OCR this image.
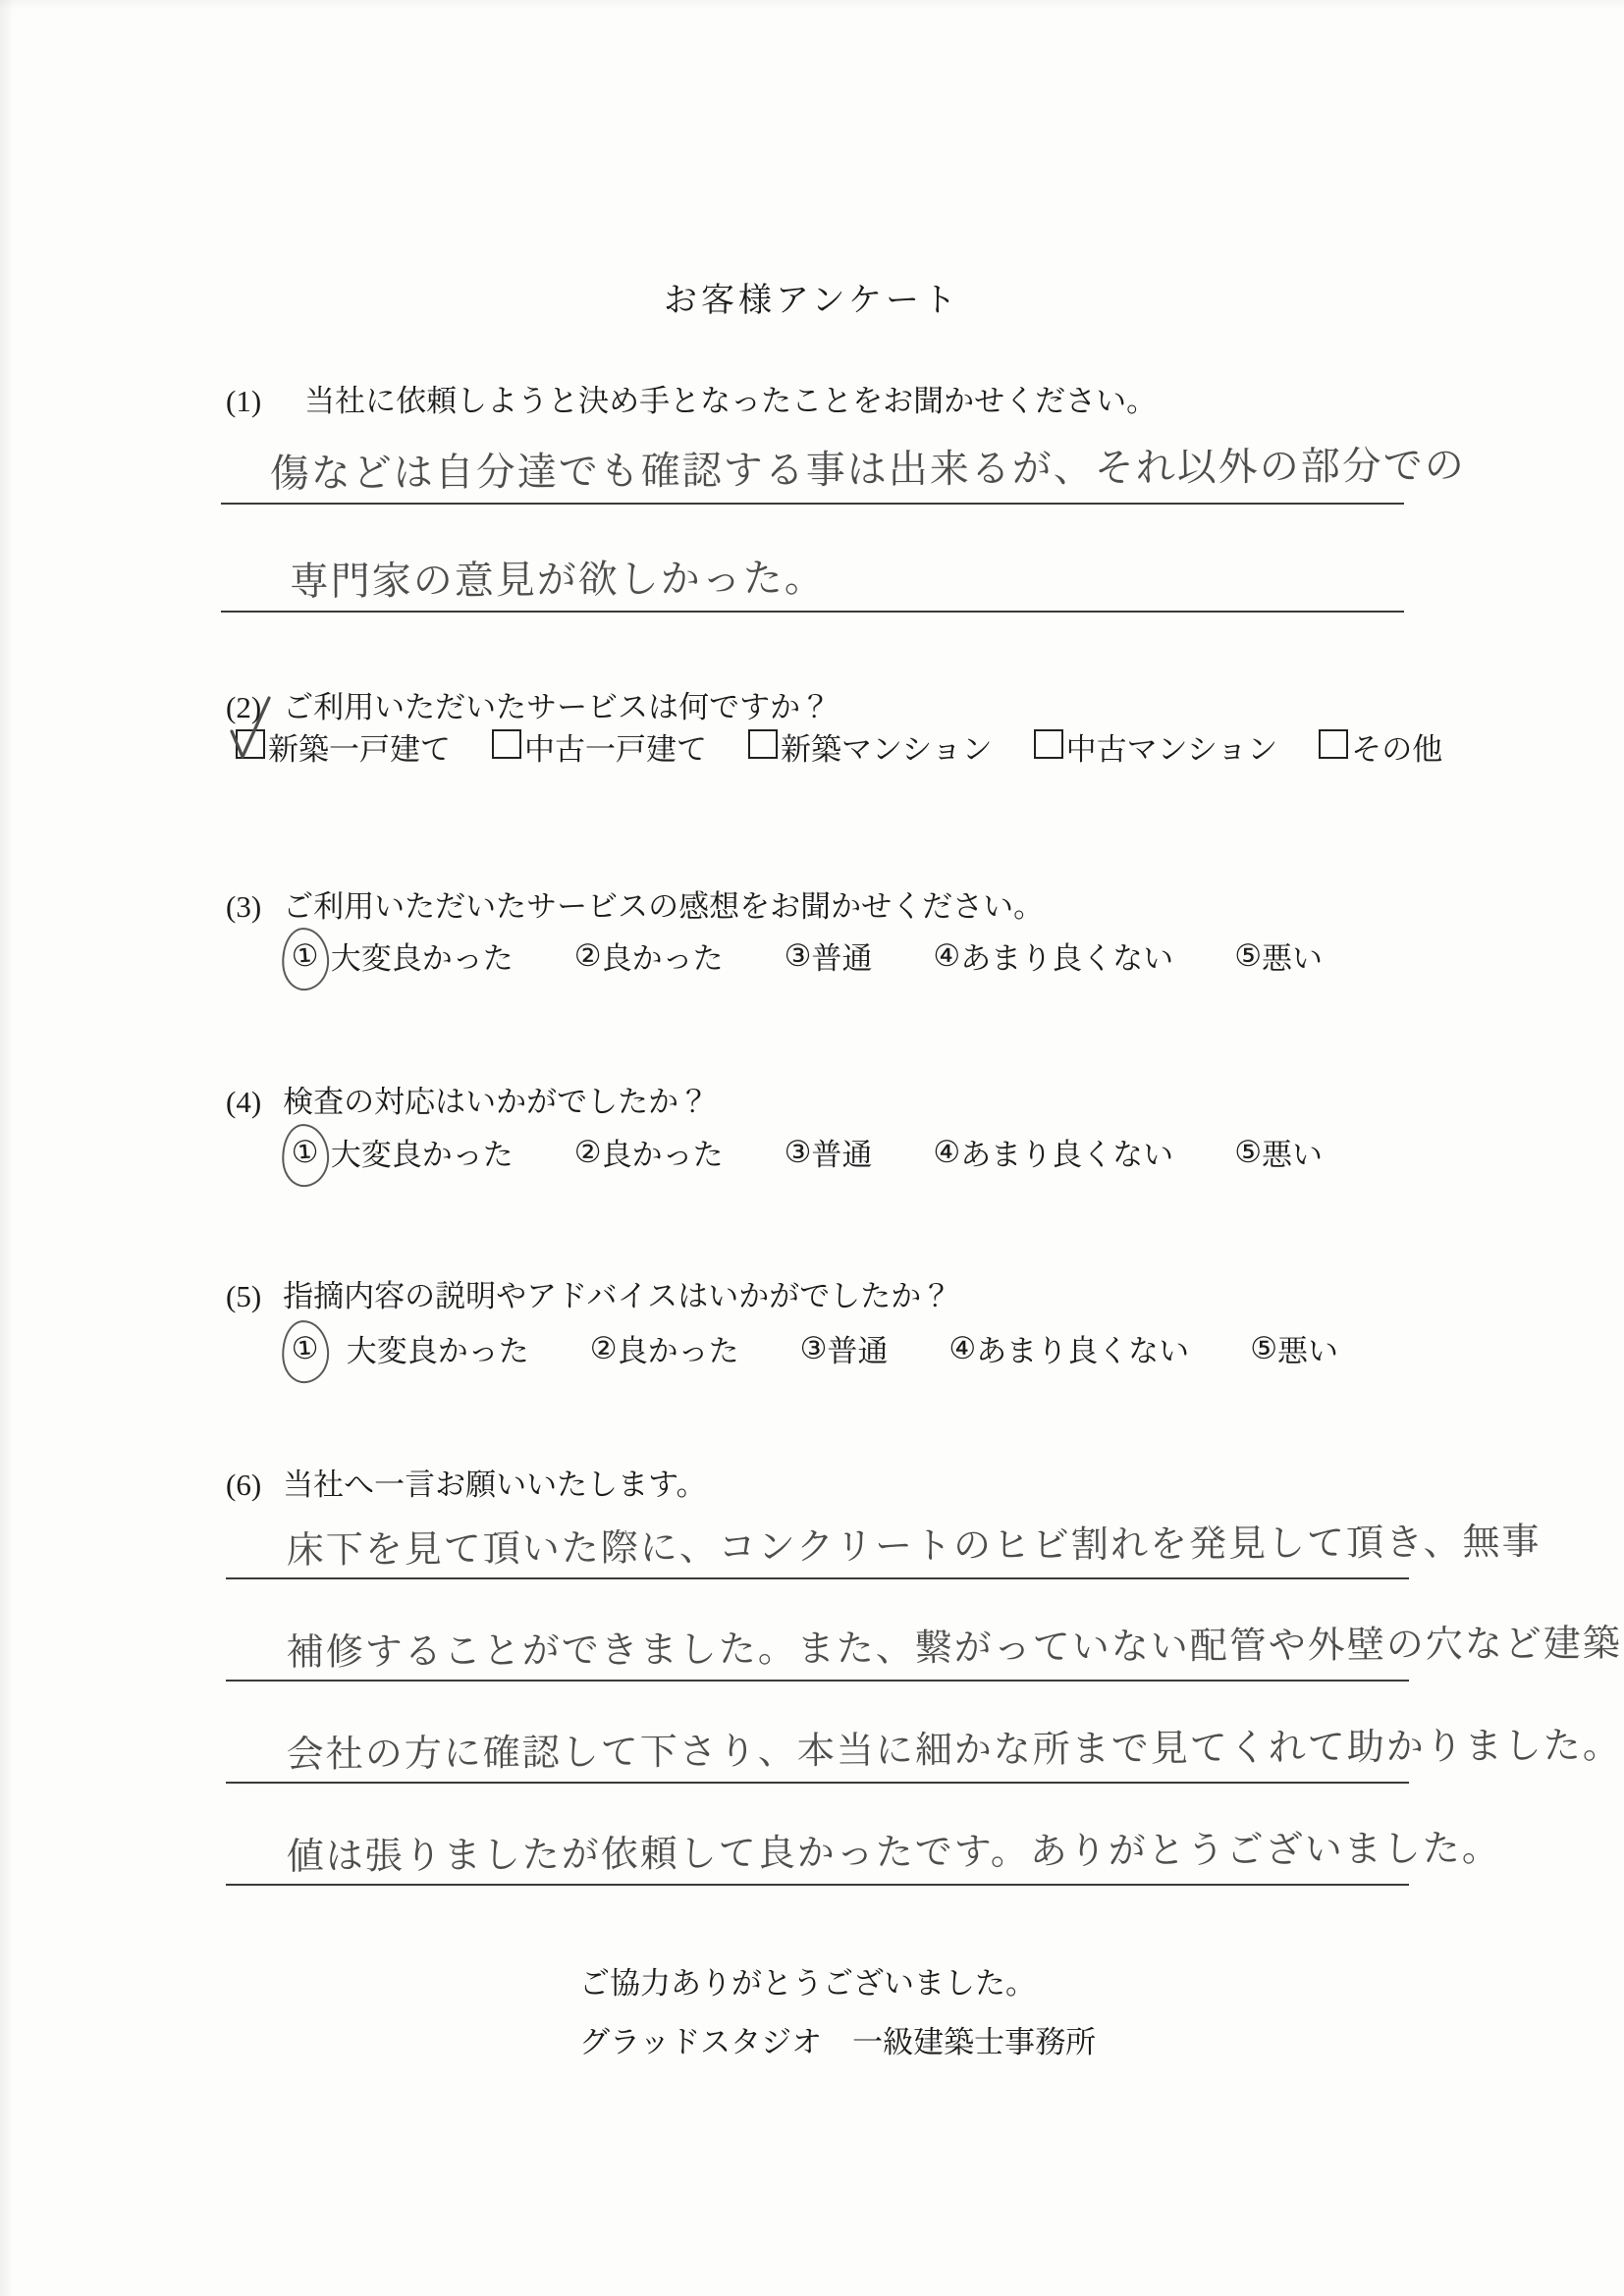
お客様アンケート
(1) 当社に依頼しようと決め手となったことをお聞かせください。
傷などは自分達でも確認する事は出来るが、それ以外の部分での
専門家の意見が欲しかった。
(2) ご利用いただいたサービスは何ですか？
新築一戸建て 中古一戸建て 新築マンション 中古マンション その他
(3) ご利用いただいたサービスの感想をお聞かせください。
① 大変良かった ② 良かった ③ 普通 ④ あまり良くない ⑤ 悪い
(4) 検査の対応はいかがでしたか？
① 大変良かった ② 良かった ③ 普通 ④ あまり良くない ⑤ 悪い
(5) 指摘内容の説明やアドバイスはいかがでしたか？
① 大変良かった ② 良かった ③ 普通 ④ あまり良くない ⑤ 悪い
(6) 当社へ一言お願いいたします。
床下を見て頂いた際に、コンクリートのヒビ割れを発見して頂き、無事
補修することができました。また、繋がっていない配管や外壁の穴など建築
会社の方に確認して下さり、本当に細かな所まで見てくれて助かりました。
値は張りましたが依頼して良かったです。ありがとうございました。
ご協力ありがとうございました。
グラッドスタジオ　一級建築士事務所
